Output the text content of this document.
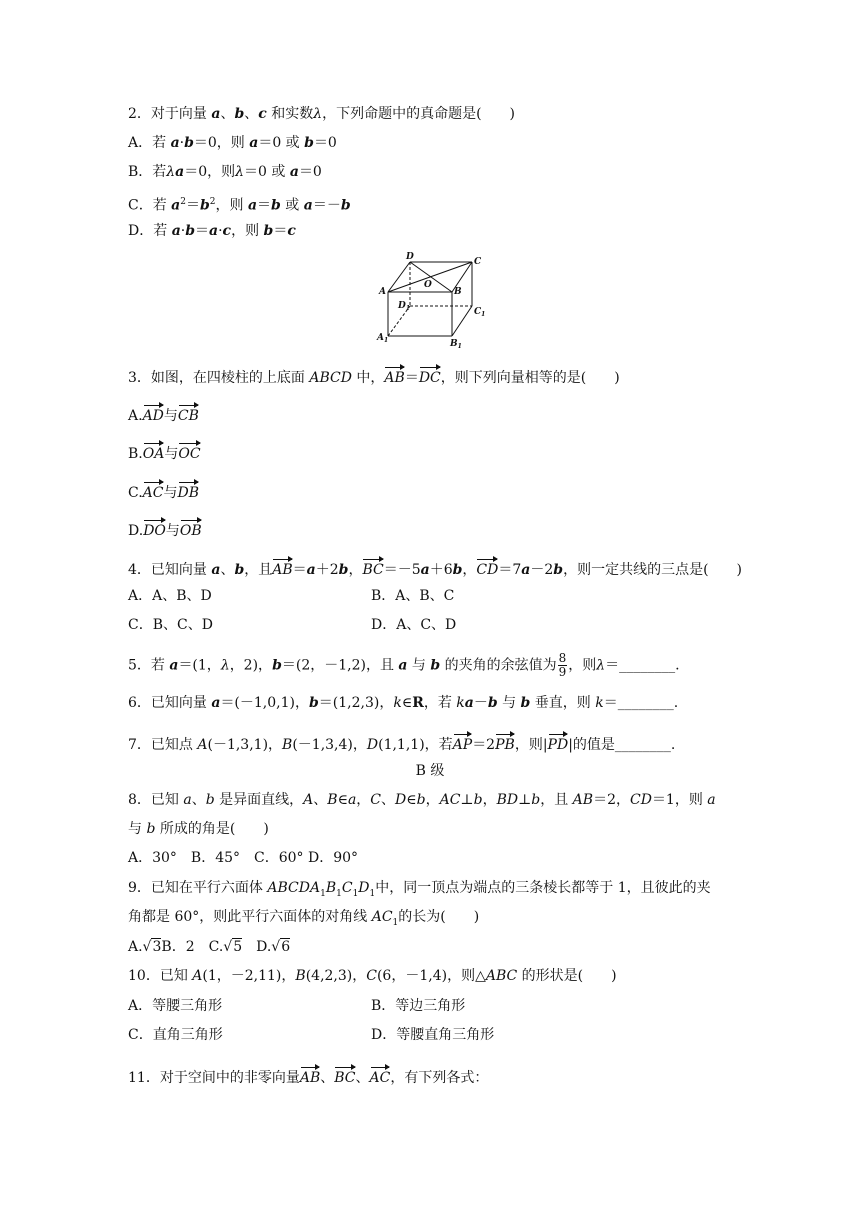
2．对于向量 a、b、c 和实数λ，下列命题中的真命题是(　　)
A．若 a·b＝0，则 a＝0 或 b＝0
B．若λa＝0，则λ＝0 或 a＝0
C．若 $a^2=b^2$，则 a＝b 或 a＝－b
D．若 a·b＝a·c，则 b＝c
D	C
A
O
B
$D_1$	$C_1$
$A_1$	$B_1$
3．如图，在四棱柱的上底面 ABCD 中，AB＝DC，则下列向量相等的是(　　)
A.AD与CB
B.OA与OC
C.AC与DB
D.DO与OB
4．已知向量 a、b，且AB＝a＋2b，BC＝－5a＋6b，CD＝7a－2b，则一定共线的三点是(　　)
A．A、B、D	B．A、B、C
C．B、C、D	D．A、C、D
5．若 a＝(1，λ，2)，b＝(2，－1,2)，且 a 与 b 的夹角的余弦值为 $\frac{8}{9}$ ，则λ＝________.
6．已知向量 a＝(－1,0,1)，b＝(1,2,3)，k∈R，若 ka－b 与 b 垂直，则 k＝________.
7．已知点 A(－1,3,1)，B(－1,3,4)，D(1,1,1)，若AP＝2PB，则|PD|的值是________.
B 级
8．已知 a、b 是异面直线，A、B∈a，C、D∈b，AC⊥b，BD⊥b，且 AB＝2，CD＝1，则 a
与 b 所成的角是(　　)
A．30°　B．45°　C．60° D．90°
9．已知在平行六面体 $ABCDA_1B_1C_1D_1$中，同一顶点为端点的三条棱长都等于 1，且彼此的夹
角都是 60°，则此平行六面体的对角线 $AC_1$的长为(　　)
A.√3B．2　C.√5　D.√6
10．已知 A(1，－2,11)，B(4,2,3)，C(6，－1,4)，则△ABC 的形状是(　　)
A．等腰三角形	B．等边三角形
C．直角三角形	D．等腰直角三角形
11．对于空间中的非零向量AB、BC、AC，有下列各式：
